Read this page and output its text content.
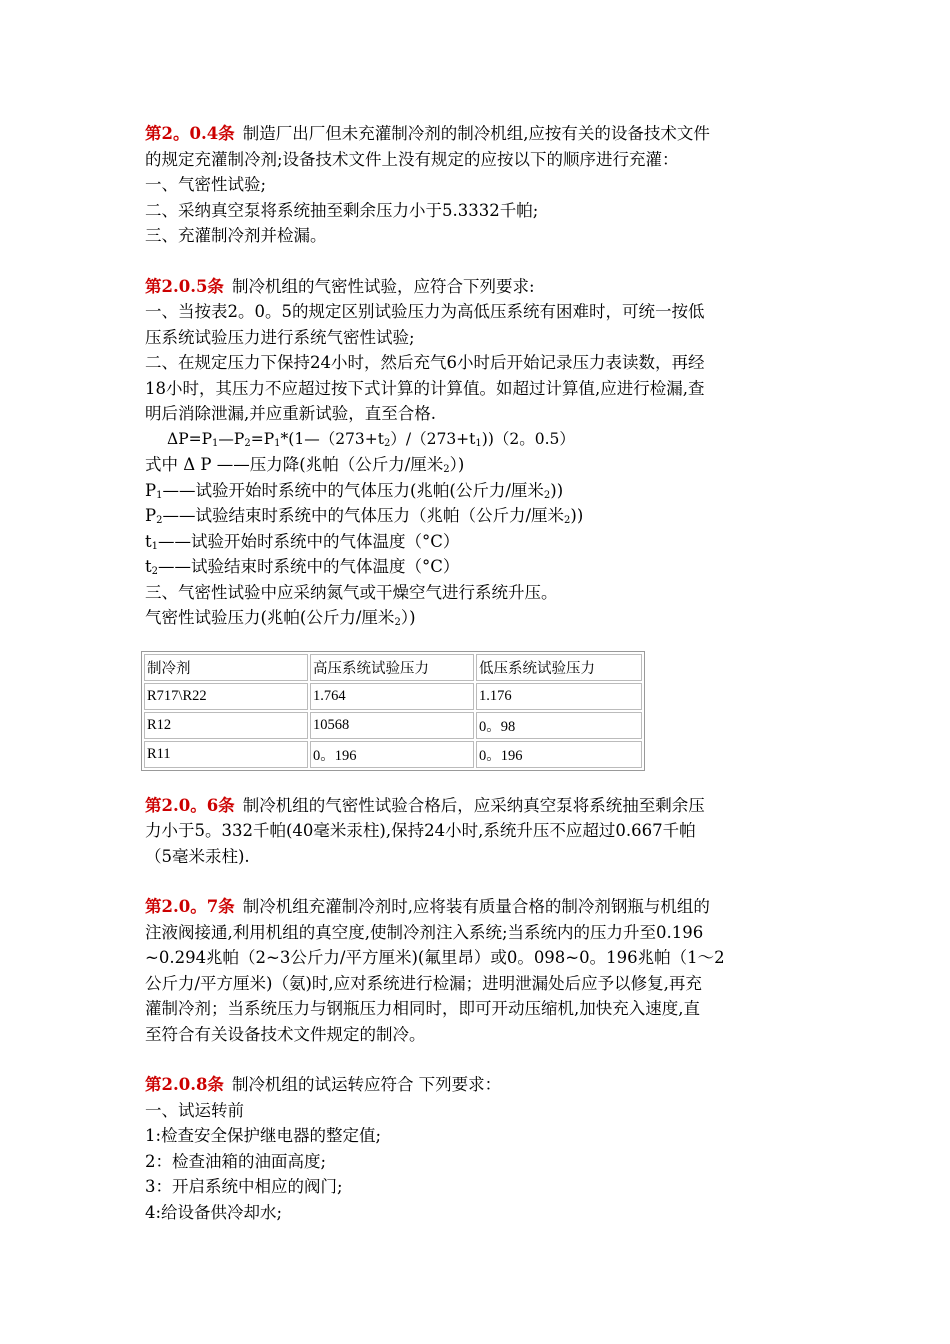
第2。0.4条 制造厂出厂但未充灌制冷剂的制冷机组,应按有关的设备技术文件
的规定充灌制冷剂;设备技术文件上没有规定的应按以下的顺序进行充灌：
一、气密性试验;
二、采纳真空泵将系统抽至剩余压力小于5.3332千帕;
三、充灌制冷剂并检漏。
第2.0.5条 制冷机组的气密性试验，应符合下列要求:
一、当按表2。0。5的规定区别试验压力为高低压系统有困难时，可统一按低
压系统试验压力进行系统气密性试验;
二、在规定压力下保持24小时，然后充气6小时后开始记录压力表读数，再经
18小时，其压力不应超过按下式计算的计算值。如超过计算值,应进行检漏,查
明后消除泄漏,并应重新试验，直至合格.
$\Delta P=P_1—P_2=P_1*(1—(273+t_2)/(273+t_1))(2$。0.5）
式中 Δ P ——压力降(兆帕（公斤力/厘米$_2$）)
$P_1——$试验开始时系统中的气体压力(兆帕(公斤力/厘米$_2$))
$P_2——$试验结束时系统中的气体压力（兆帕（公斤力/厘米$_2$))
$t_1——$试验开始时系统中的气体温度（°C）
$t_2——$试验结束时系统中的气体温度（°C）
三、气密性试验中应采纳氮气或干燥空气进行系统升压。
气密性试验压力(兆帕(公斤力/厘米$_2$）)
制冷剂	高压系统试验压力	低压系统试验压力
R717\R22	1.764	1.176
R12	10568	0。98
R11	0。196	0。196
第2.0。6条 制冷机组的气密性试验合格后，应采纳真空泵将系统抽至剩余压
力小于5。332千帕(40毫米汞柱),保持24小时,系统升压不应超过0.667千帕
（5毫米汞柱).
第2.0。7条 制冷机组充灌制冷剂时,应将装有质量合格的制冷剂钢瓶与机组的
注液阀接通,利用机组的真空度,使制冷剂注入系统;当系统内的压力升至0.196
~0.294兆帕（2~3公斤力/平方厘米)(氟里昂）或0。098~0。196兆帕（1～2
公斤力/平方厘米)（氨)时,应对系统进行检漏；进明泄漏处后应予以修复,再充
灌制冷剂；当系统压力与钢瓶压力相同时，即可开动压缩机,加快充入速度,直
至符合有关设备技术文件规定的制冷。
第2.0.8条 制冷机组的试运转应符合 下列要求：
一、试运转前
1:检查安全保护继电器的整定值;
2：检查油箱的油面高度;
3：开启系统中相应的阀门;
4:给设备供冷却水;
